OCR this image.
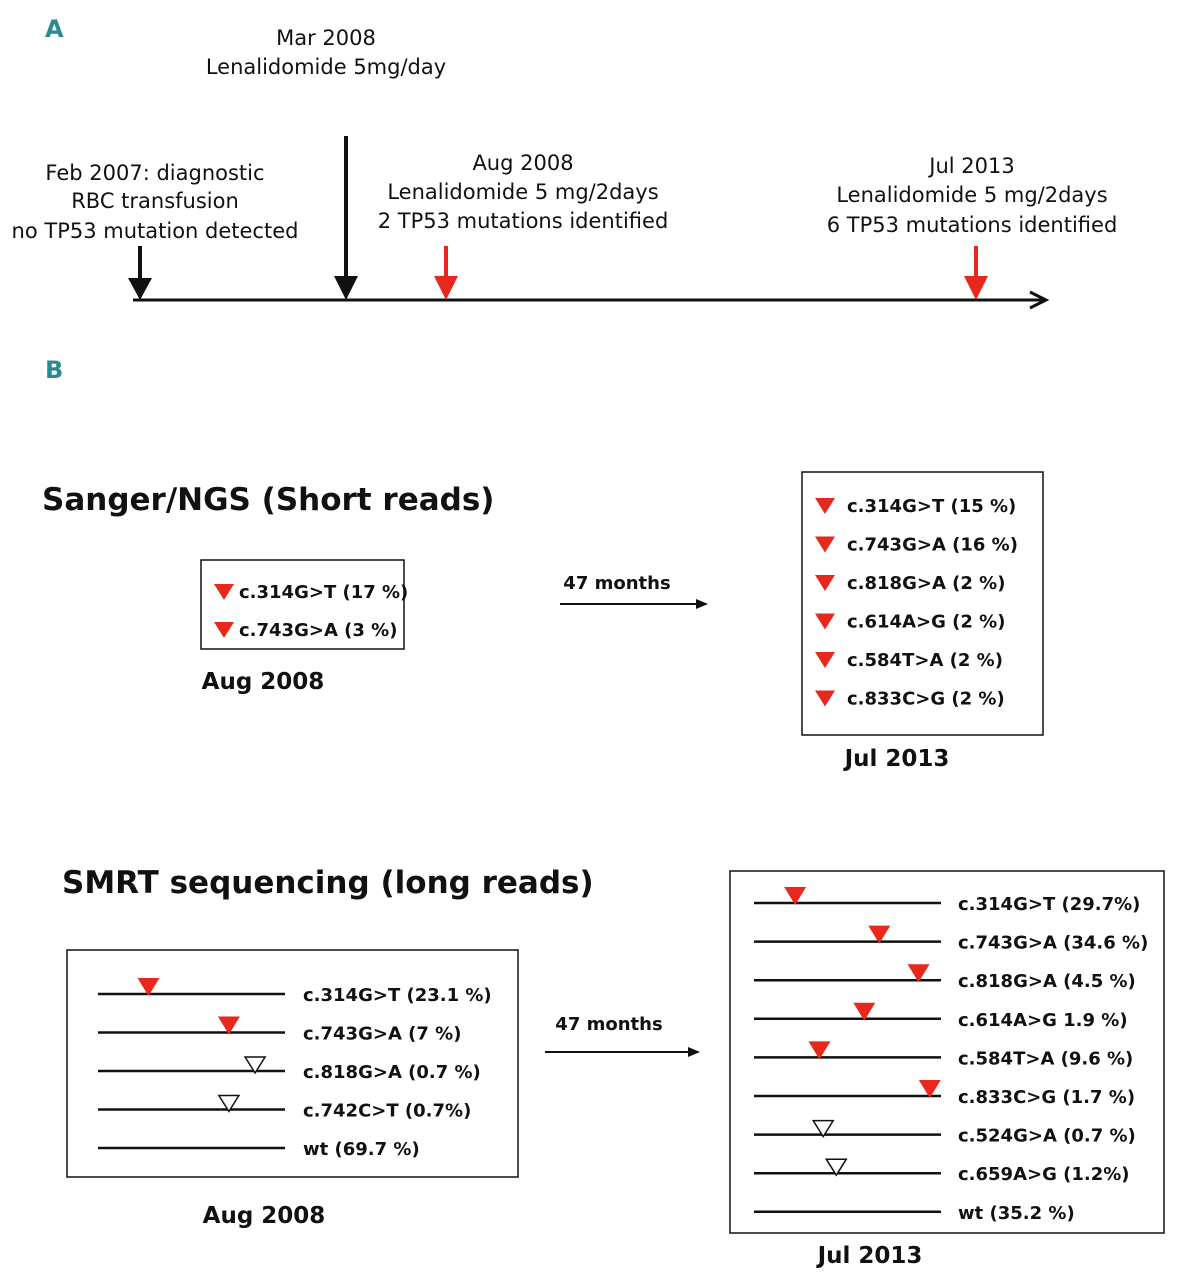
A
Feb 2007: diagnostic
RBC transfusion
no TP53 mutation detected
Mar 2008
Lenalidomide 5mg/day
Aug 2008
Lenalidomide 5 mg/2days
2 TP53 mutations identified
Jul 2013
Lenalidomide 5 mg/2days
6 TP53 mutations identified
B
Sanger/NGS (Short reads)
c.314G>T (17 %)
c.743G>A (3 %)
Aug 2008
47 months
c.314G>T (15 %)
c.743G>A (16 %)
c.818G>A (2 %)
c.614A>G (2 %)
c.584T>A (2 %)
c.833C>G (2 %)
Jul 2013
SMRT sequencing (long reads)
c.314G>T (23.1 %)
c.743G>A (7 %)
c.818G>A (0.7 %)
c.742C>T (0.7%)
wt (69.7 %)
Aug 2008
47 months
c.314G>T (29.7%)
c.743G>A (34.6 %)
c.818G>A (4.5 %)
c.614A>G 1.9 %)
c.584T>A (9.6 %)
c.833C>G (1.7 %)
c.524G>A (0.7 %)
c.659A>G (1.2%)
wt (35.2 %)
Jul 2013
